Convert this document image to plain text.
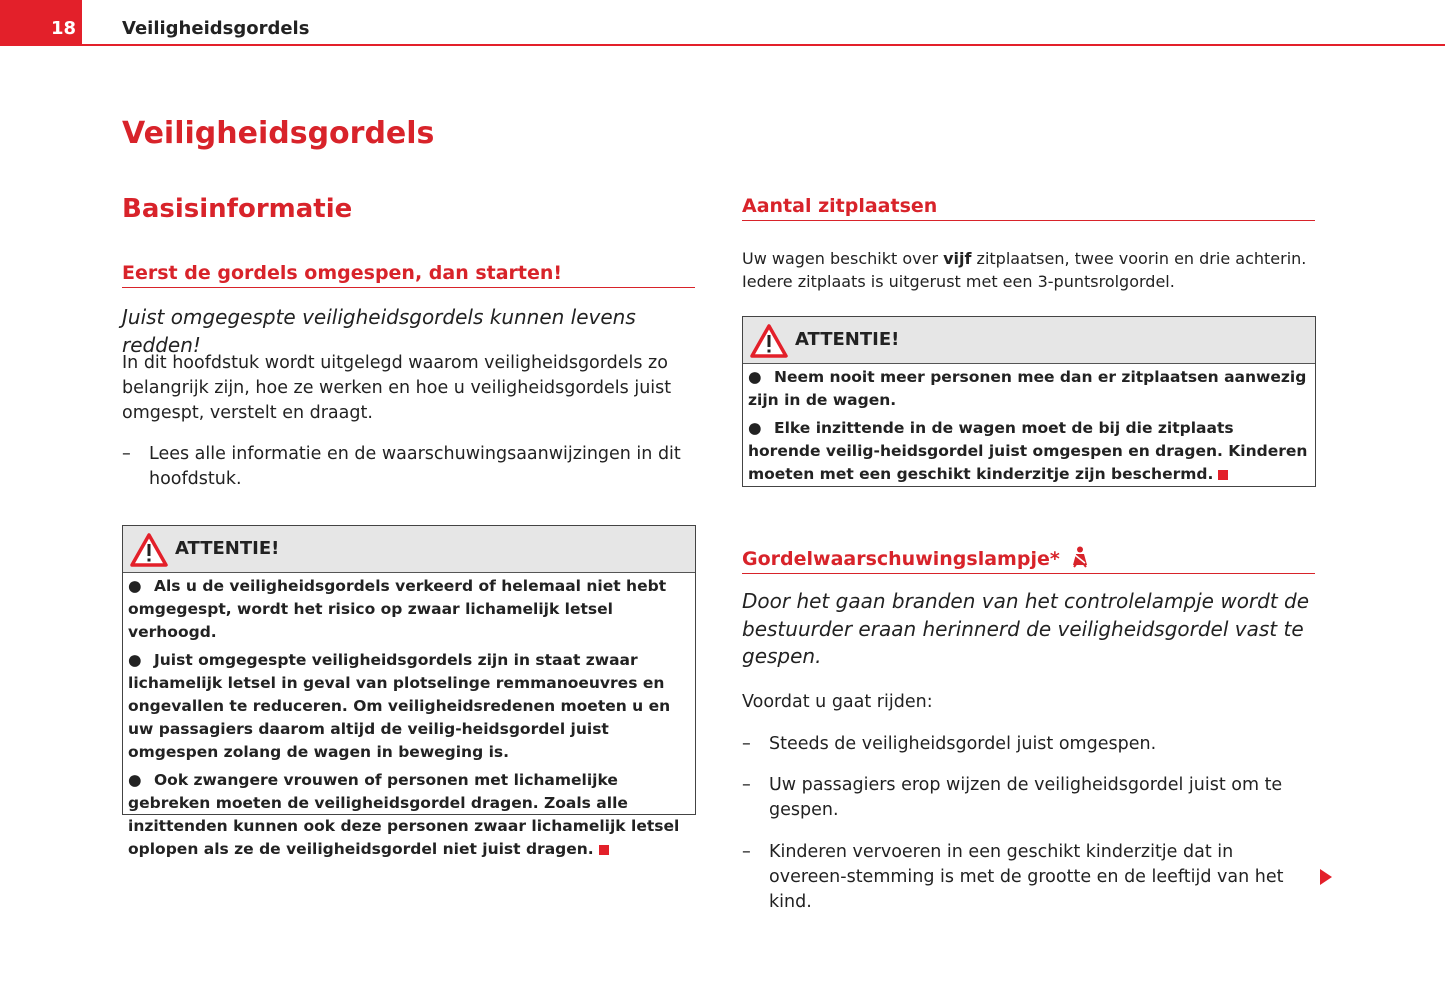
18	Veiligheidsgordels
Veiligheidsgordels
Basisinformatie
Eerst de gordels omgespen, dan starten!
Juist omgegespte veiligheidsgordels kunnen levens redden!
In dit hoofdstuk wordt uitgelegd waarom veiligheidsgordels zo belangrijk zijn, hoe ze werken en hoe u veiligheidsgordels juist omgespt, verstelt en draagt.
– Lees alle informatie en de waarschuwingsaanwijzingen in dit hoofdstuk.
ATTENTIE!
● Als u de veiligheidsgordels verkeerd of helemaal niet hebt omgegespt, wordt het risico op zwaar lichamelijk letsel verhoogd.
● Juist omgegespte veiligheidsgordels zijn in staat zwaar lichamelijk letsel in geval van plotselinge remmanoeuvres en ongevallen te reduceren. Om veiligheidsredenen moeten u en uw passagiers daarom altijd de veilig-heidsgordel juist omgespen zolang de wagen in beweging is.
● Ook zwangere vrouwen of personen met lichamelijke gebreken moeten de veiligheidsgordel dragen. Zoals alle inzittenden kunnen ook deze personen zwaar lichamelijk letsel oplopen als ze de veiligheidsgordel niet juist dragen.
Aantal zitplaatsen
Uw wagen beschikt over vijf zitplaatsen, twee voorin en drie achterin. Iedere zitplaats is uitgerust met een 3-puntsrolgordel.
ATTENTIE!
● Neem nooit meer personen mee dan er zitplaatsen aanwezig zijn in de wagen.
● Elke inzittende in de wagen moet de bij die zitplaats horende veilig-heidsgordel juist omgespen en dragen. Kinderen moeten met een geschikt kinderzitje zijn beschermd.
Gordelwaarschuwingslampje*
Door het gaan branden van het controlelampje wordt de bestuurder eraan herinnerd de veiligheidsgordel vast te gespen.
Voordat u gaat rijden:
– Steeds de veiligheidsgordel juist omgespen.
– Uw passagiers erop wijzen de veiligheidsgordel juist om te gespen.
– Kinderen vervoeren in een geschikt kinderzitje dat in overeen-stemming is met de grootte en de leeftijd van het kind.
